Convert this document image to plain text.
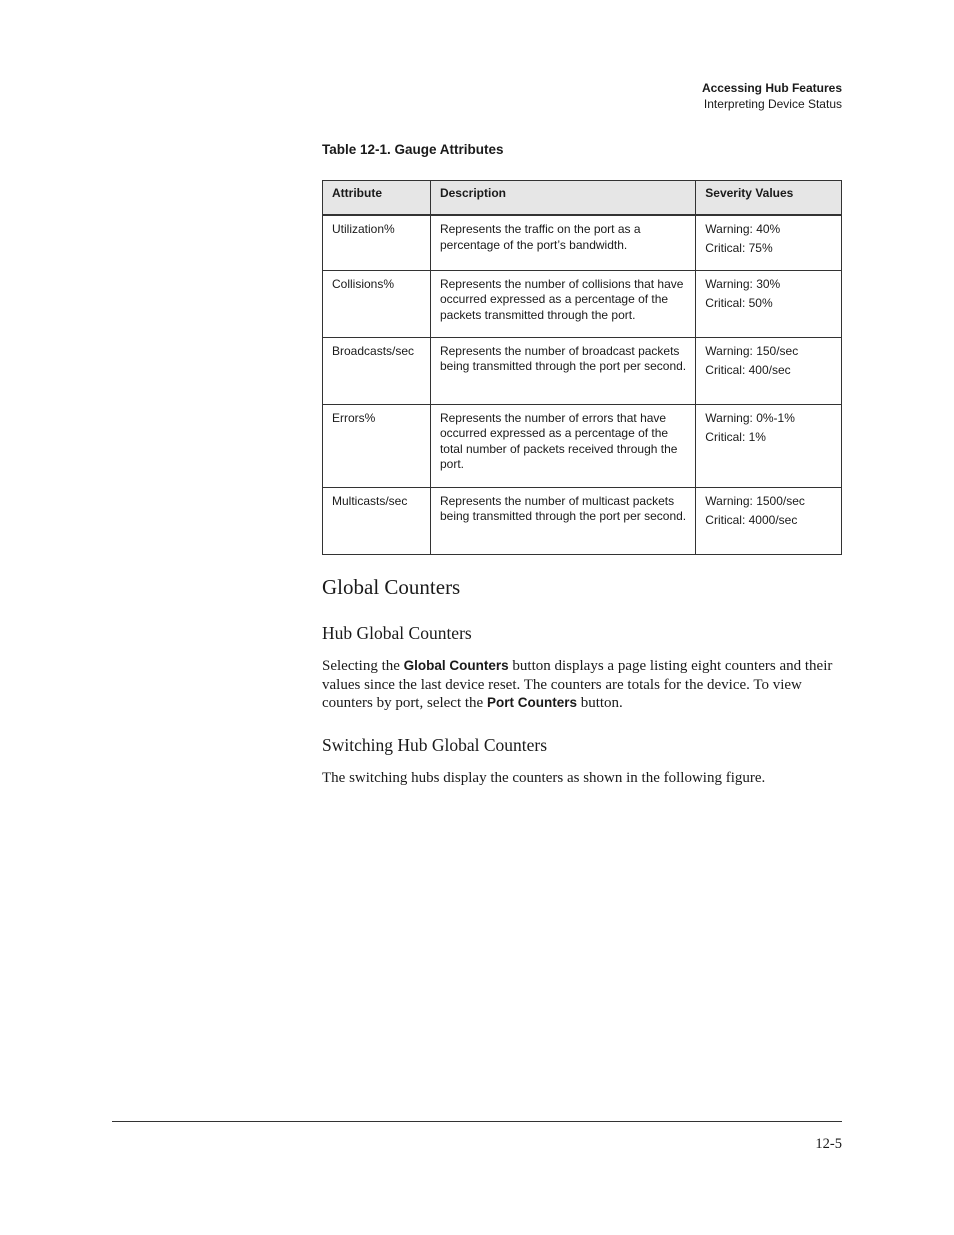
Accessing Hub Features
Interpreting Device Status
Table 12-1. Gauge Attributes
Attribute	Description	Severity Values
Utilization%	Represents the traffic on the port as a percentage of the port’s bandwidth.	Warning: 40%
Critical: 75%

Collisions%	Represents the number of collisions that have occurred expressed as a percentage of the packets transmitted through the port.	Warning: 30%
Critical: 50%

Broadcasts/sec	Represents the number of broadcast packets being transmitted through the port per second.	Warning: 150/sec
Critical: 400/sec

Errors%	Represents the number of errors that have occurred expressed as a percentage of the total number of packets received through the port.	Warning: 0%-1%
Critical: 1%

Multicasts/sec	Represents the number of multicast packets being transmitted through the port per second.	Warning: 1500/sec
Critical: 4000/sec
Global Counters
Hub Global Counters

Selecting the Global Counters button displays a page listing eight counters and their values since the last device reset. The counters are totals for the device. To view counters by port, select the Port Counters button.

Switching Hub Global Counters

The switching hubs display the counters as shown in the following figure.

12-5
